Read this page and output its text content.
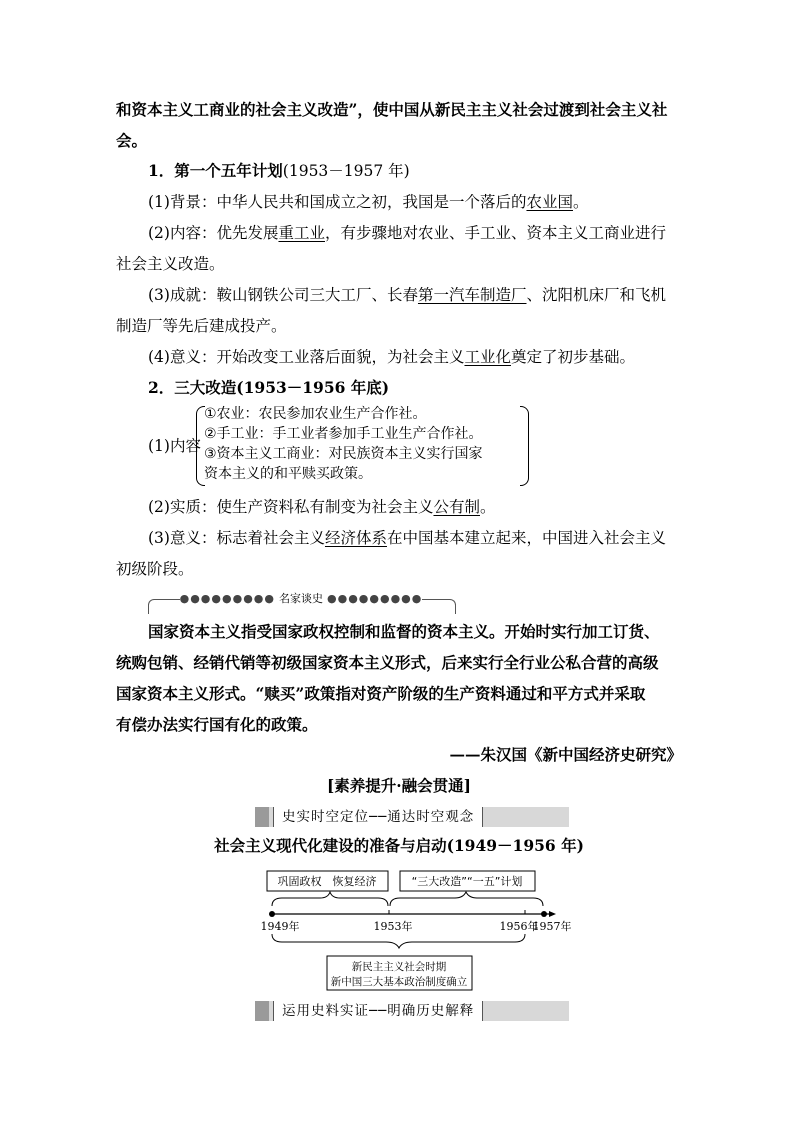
和资本主义工商业的社会主义改造”，使中国从新民主主义社会过渡到社会主义社
会。
1．第一个五年计划(1953－1957 年)
(1)背景：中华人民共和国成立之初，我国是一个落后的农业国。
(2)内容：优先发展重工业，有步骤地对农业、手工业、资本主义工商业进行
社会主义改造。
(3)成就：鞍山钢铁公司三大工厂、长春第一汽车制造厂、沈阳机床厂和飞机
制造厂等先后建成投产。
(4)意义：开始改变工业落后面貌，为社会主义工业化奠定了初步基础。
2．三大改造(1953－1956 年底)
(1)内容
①农业：农民参加农业生产合作社。
②手工业：手工业者参加手工业生产合作社。
③资本主义工商业：对民族资本主义实行国家
资本主义的和平赎买政策。
(2)实质：使生产资料私有制变为社会主义公有制。
(3)意义：标志着社会主义经济体系在中国基本建立起来，中国进入社会主义
初级阶段。
●●●●●●●●● 名家谈史 ●●●●●●●●●
国家资本主义指受国家政权控制和监督的资本主义。开始时实行加工订货、
统购包销、经销代销等初级国家资本主义形式，后来实行全行业公私合营的高级
国家资本主义形式。“赎买”政策指对资产阶级的生产资料通过和平方式并采取
有偿办法实行国有化的政策。
——朱汉国《新中国经济史研究》
[素养提升·融会贯通]
史实时空定位──通达时空观念
社会主义现代化建设的准备与启动(1949－1956 年)
巩固政权　恢复经济	“三大改造”“一五”计划
1949年	1953年	1956年
1957年
新民主主义社会时期
新中国三大基本政治制度确立
运用史料实证──明确历史解释
